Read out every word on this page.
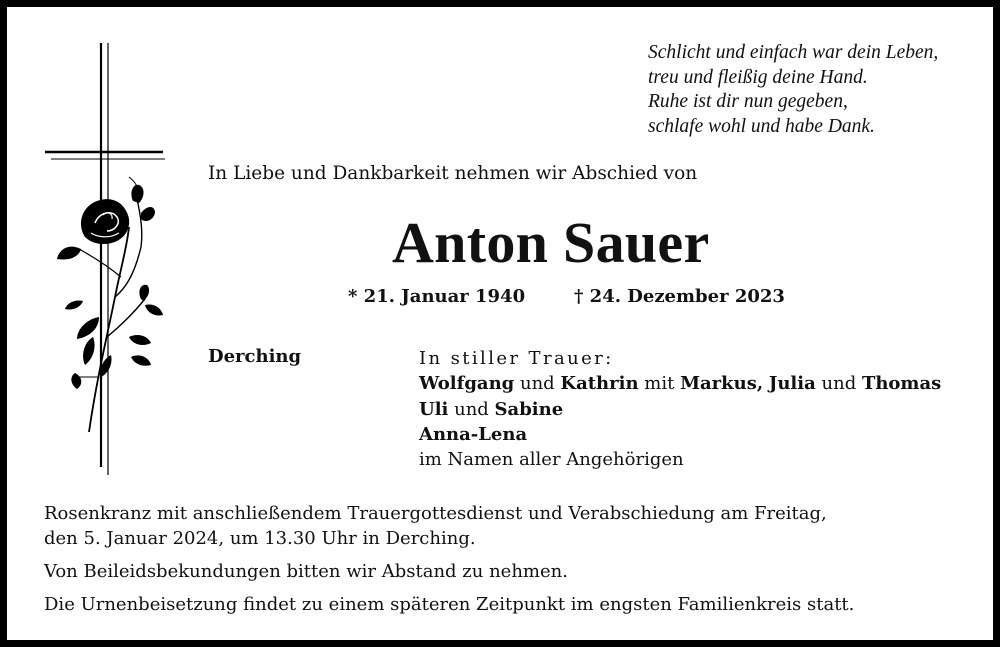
Schlicht und einfach war dein Leben,
treu und fleißig deine Hand.
Ruhe ist dir nun gegeben,
schlafe wohl und habe Dank.
In Liebe und Dankbarkeit nehmen wir Abschied von
Anton Sauer
* 21. Januar 1940	† 24. Dezember 2023
Derching	In stiller Trauer:
Wolfgang und Kathrin mit Markus, Julia und Thomas
Uli und Sabine
Anna-Lena
im Namen aller Angehörigen

Rosenkranz mit anschließendem Trauergottesdienst und Verabschiedung am Freitag,
den 5. Januar 2024, um 13.30 Uhr in Derching.

Von Beileidsbekundungen bitten wir Abstand zu nehmen.

Die Urnenbeisetzung findet zu einem späteren Zeitpunkt im engsten Familienkreis statt.
